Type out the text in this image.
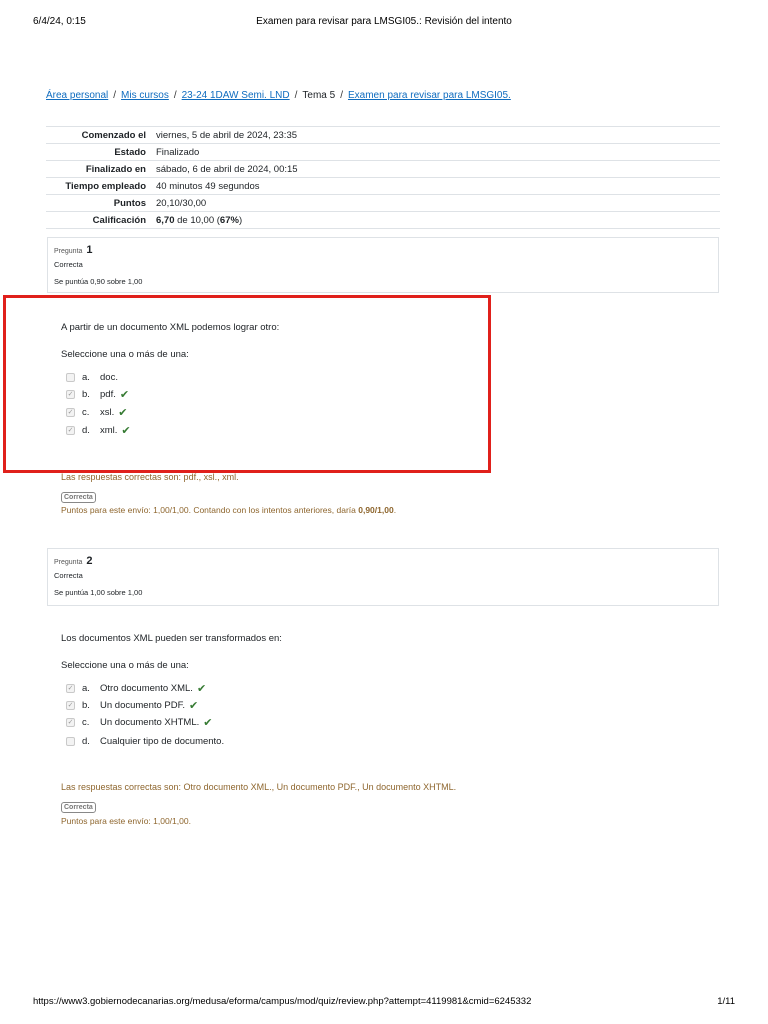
6/4/24, 0:15	Examen para revisar para LMSGI05.: Revisión del intento
Área personal / Mis cursos / 23-24 1DAW Semi. LND / Tema 5 / Examen para revisar para LMSGI05.
Comenzado el	viernes, 5 de abril de 2024, 23:35
Estado	Finalizado
Finalizado en	sábado, 6 de abril de 2024, 00:15
Tiempo empleado	40 minutos 49 segundos
Puntos	20,10/30,00
Calificación	6,70 de 10,00 (67%)
Pregunta 1
Correcta
Se puntúa 0,90 sobre 1,00
A partir de un documento XML podemos lograr otro:
Seleccione una o más de una:
a.	doc.
✓ b.	pdf. ✔
✓ c.	xsl. ✔
✓ d.	xml. ✔
Las respuestas correctas son: pdf., xsl., xml.
Correcta
Puntos para este envío: 1,00/1,00. Contando con los intentos anteriores, daría 0,90/1,00.
Pregunta 2
Correcta
Se puntúa 1,00 sobre 1,00
Los documentos XML pueden ser transformados en:
Seleccione una o más de una:
✓ a.	Otro documento XML. ✔
✓ b.	Un documento PDF. ✔
✓ c.	Un documento XHTML. ✔
d.	Cualquier tipo de documento.
Las respuestas correctas son: Otro documento XML., Un documento PDF., Un documento XHTML.
Correcta
Puntos para este envío: 1,00/1,00.
https://www3.gobiernodecanarias.org/medusa/eforma/campus/mod/quiz/review.php?attempt=4119981&cmid=6245332	1/11
